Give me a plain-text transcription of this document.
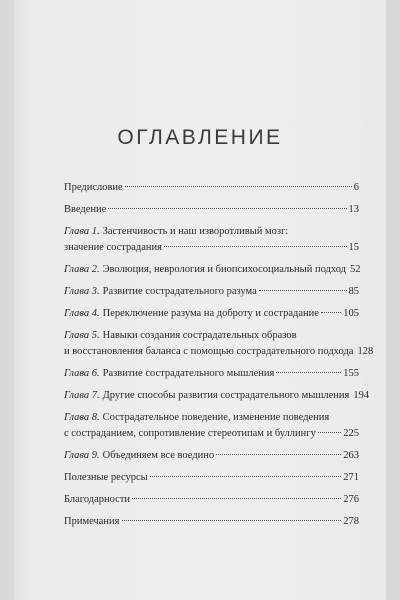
ОГЛАВЛЕНИЕ
Предисловие	6
Введение	13
Глава 1. Застенчивость и наш изворотливый мозг:
значение сострадания	15
Глава 2. Эволюция, неврология и биопсихосоциальный подход 52
Глава 3. Развитие сострадательного разума	85
Глава 4. Переключение разума на доброту и сострадание 105
Глава 5. Навыки создания сострадательных образов
и восстановления баланса с помощью сострадательного подхода 128
Глава 6. Развитие сострадательного мышления	155
Глава 7. Другие способы развития сострадательного мышления 194
Глава 8. Сострадательное поведение, изменение поведения
с состраданием, сопротивление стереотипам и буллингу	225
Глава 9. Объединяем все воедино	263
Полезные ресурсы	271
Благодарности	276
Примечания	278
